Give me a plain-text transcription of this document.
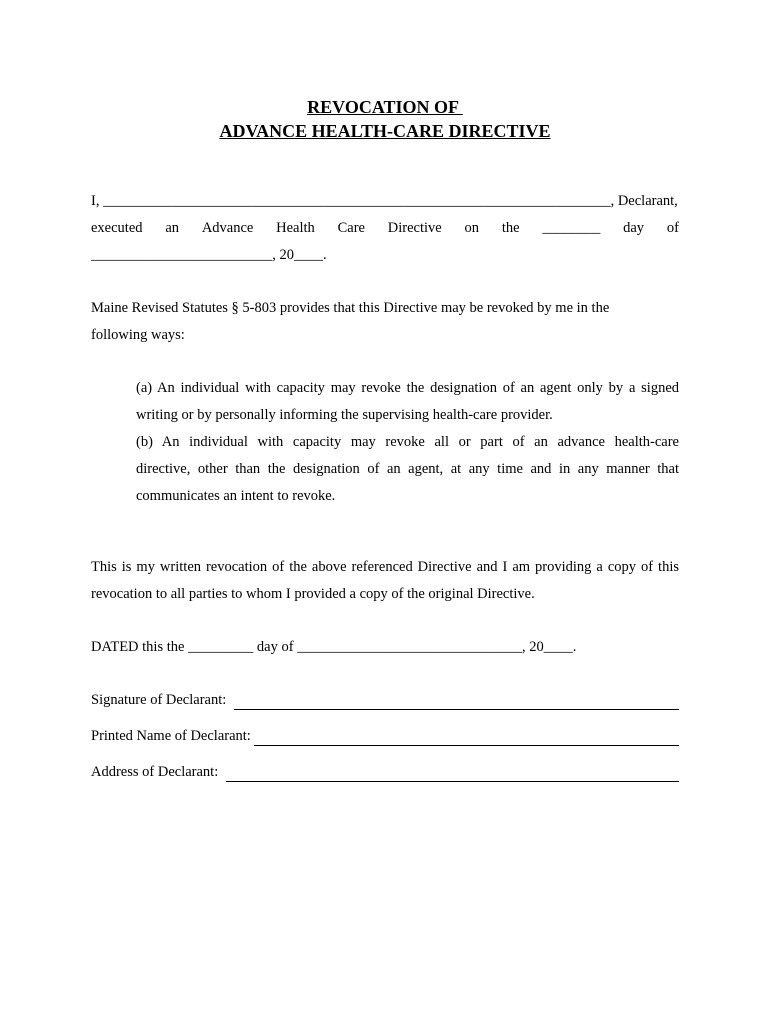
REVOCATION OF
ADVANCE HEALTH-CARE DIRECTIVE
I, ______________________________________________________________________, Declarant,
executed an Advance Health Care Directive on the ________ day of
_________________________, 20____.
Maine Revised Statutes § 5-803 provides that this Directive may be revoked by me in the
following ways:
(a) An individual with capacity may revoke the designation of an agent only by a signed
writing or by personally informing the supervising health-care provider.
(b) An individual with capacity may revoke all or part of an advance health-care
directive, other than the designation of an agent, at any time and in any manner that
communicates an intent to revoke.
This is my written revocation of the above referenced Directive and I am providing a copy of this
revocation to all parties to whom I provided a copy of the original Directive.
DATED this the _________ day of _______________________________, 20____.
Signature of Declarant:
Printed Name of Declarant:
Address of Declarant:
